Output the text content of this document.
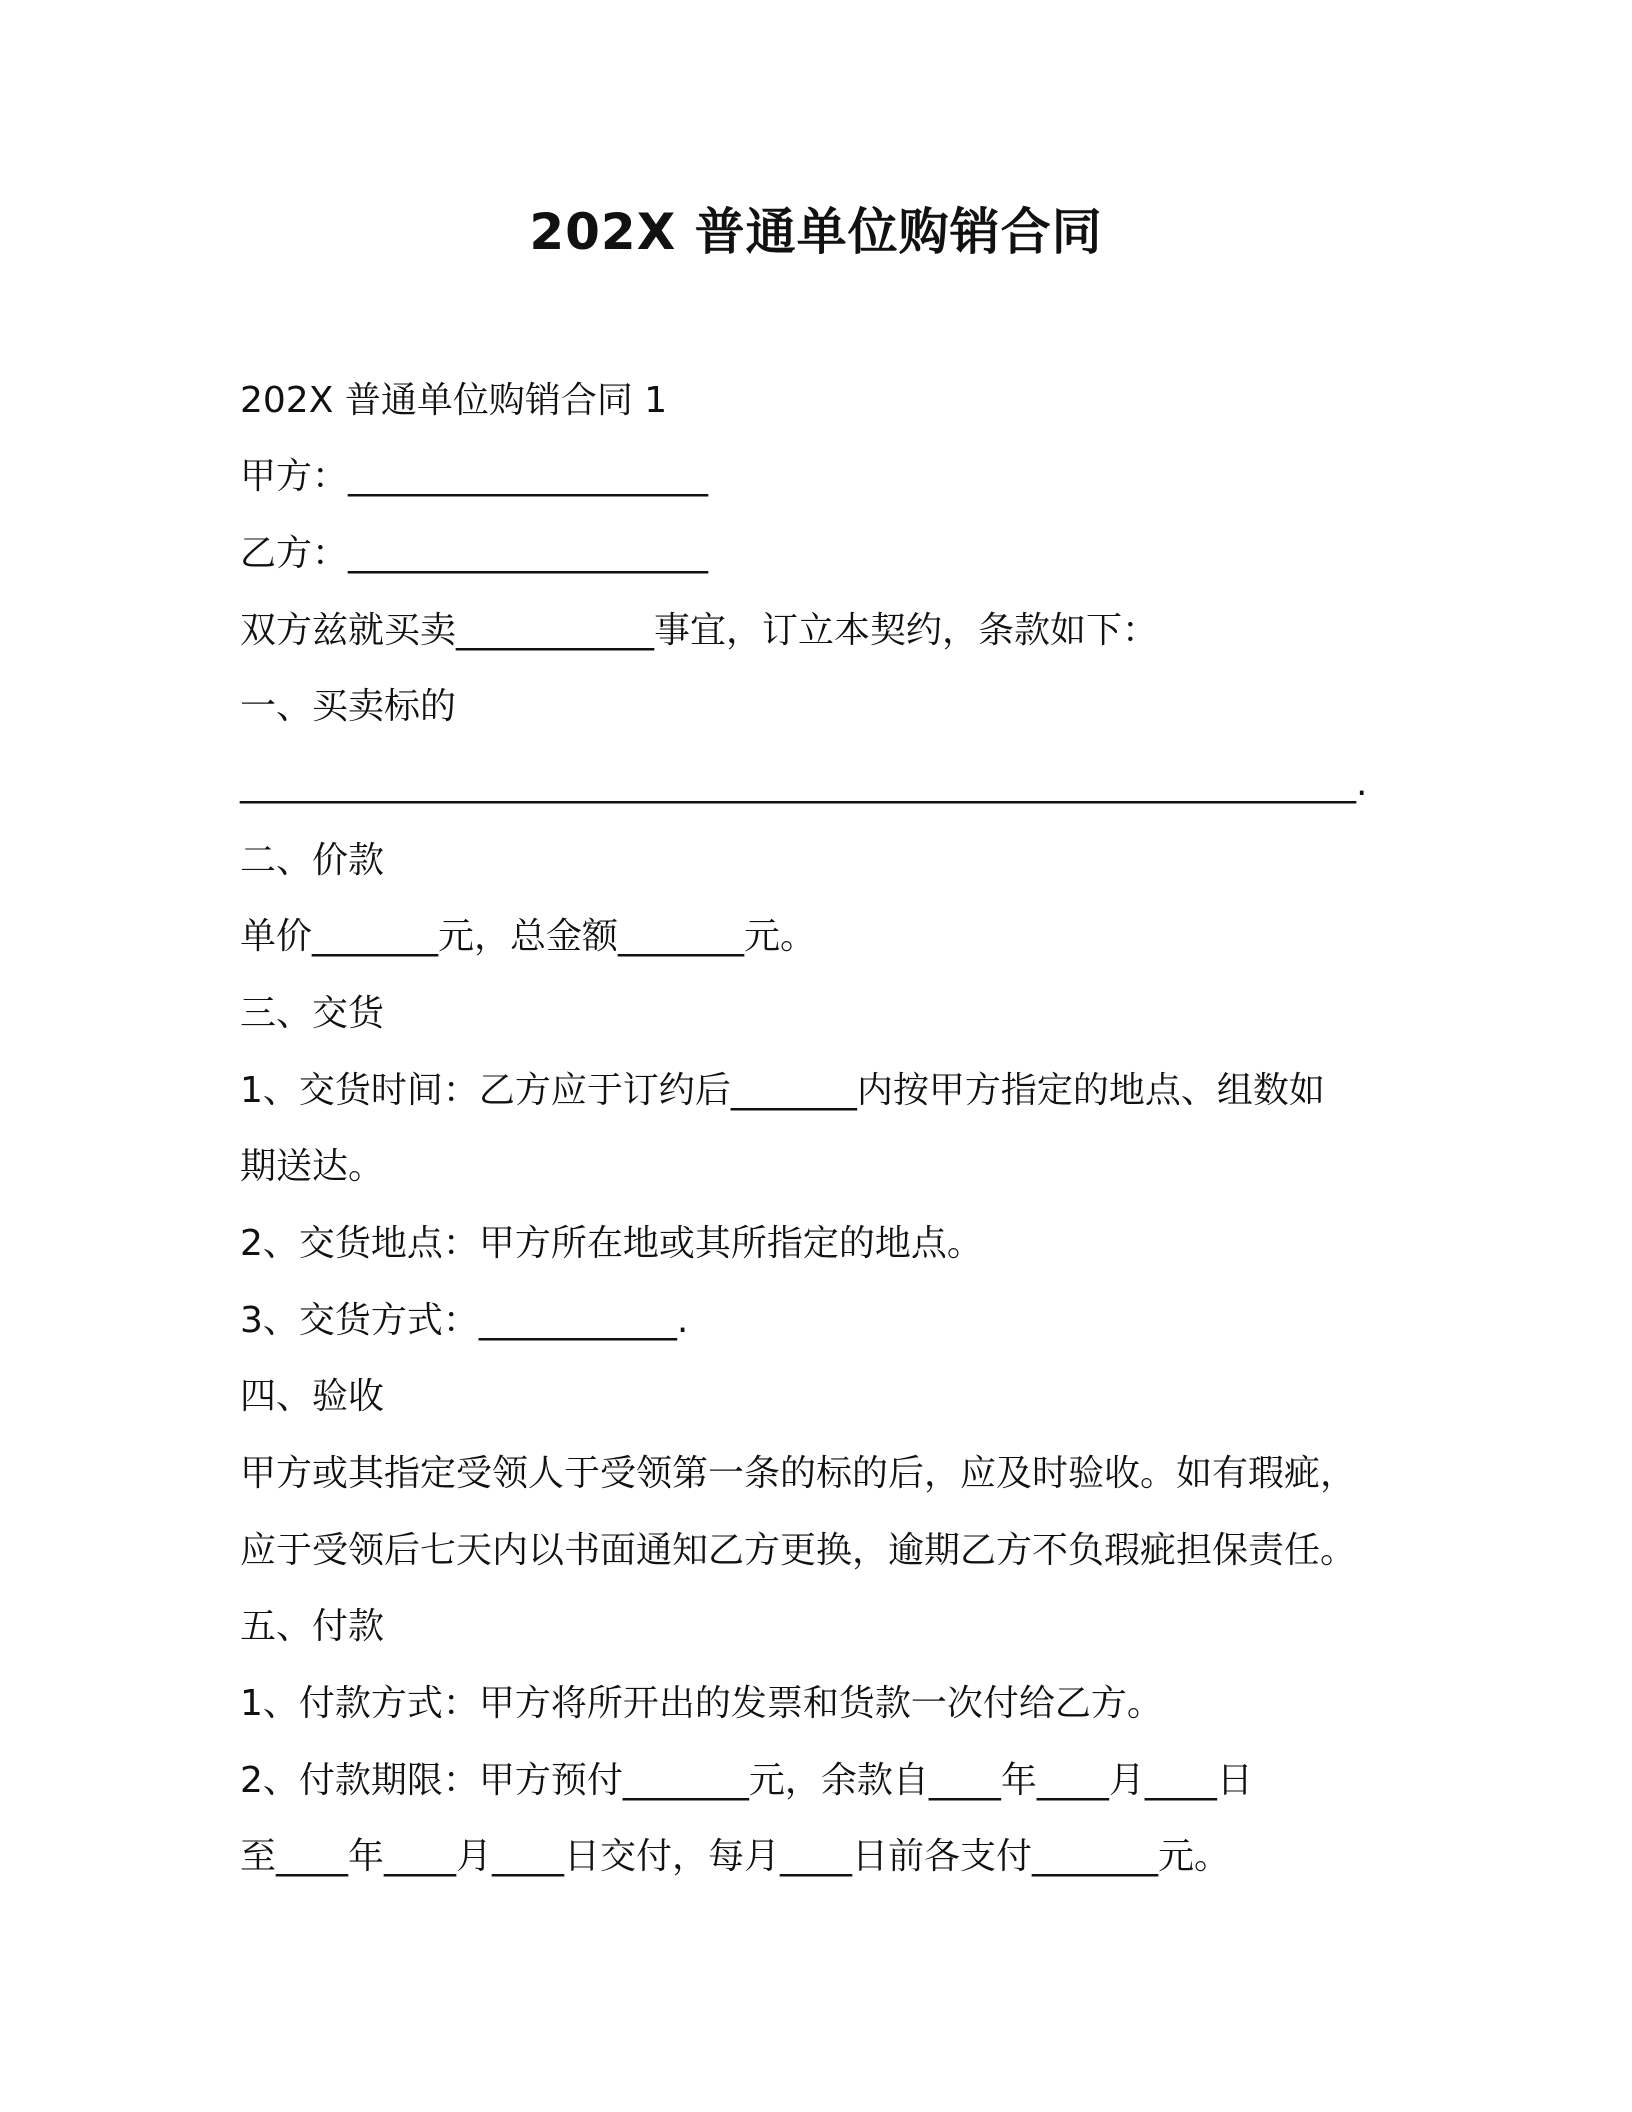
202X 普通单位购销合同
202X 普通单位购销合同 1
甲方：____________________
乙方：____________________
双方兹就买卖___________事宜，订立本契约，条款如下：
一、买卖标的
______________________________________________________________.
二、价款
单价_______元，总金额_______元。
三、交货
1、交货时间：乙方应于订约后_______内按甲方指定的地点、组数如
期送达。
2、交货地点：甲方所在地或其所指定的地点。
3、交货方式：___________.
四、验收
甲方或其指定受领人于受领第一条的标的后，应及时验收。如有瑕疵，
应于受领后七天内以书面通知乙方更换，逾期乙方不负瑕疵担保责任。
五、付款
1、付款方式：甲方将所开出的发票和货款一次付给乙方。
2、付款期限：甲方预付_______元，余款自____年____月____日
至____年____月____日交付，每月____日前各支付_______元。
